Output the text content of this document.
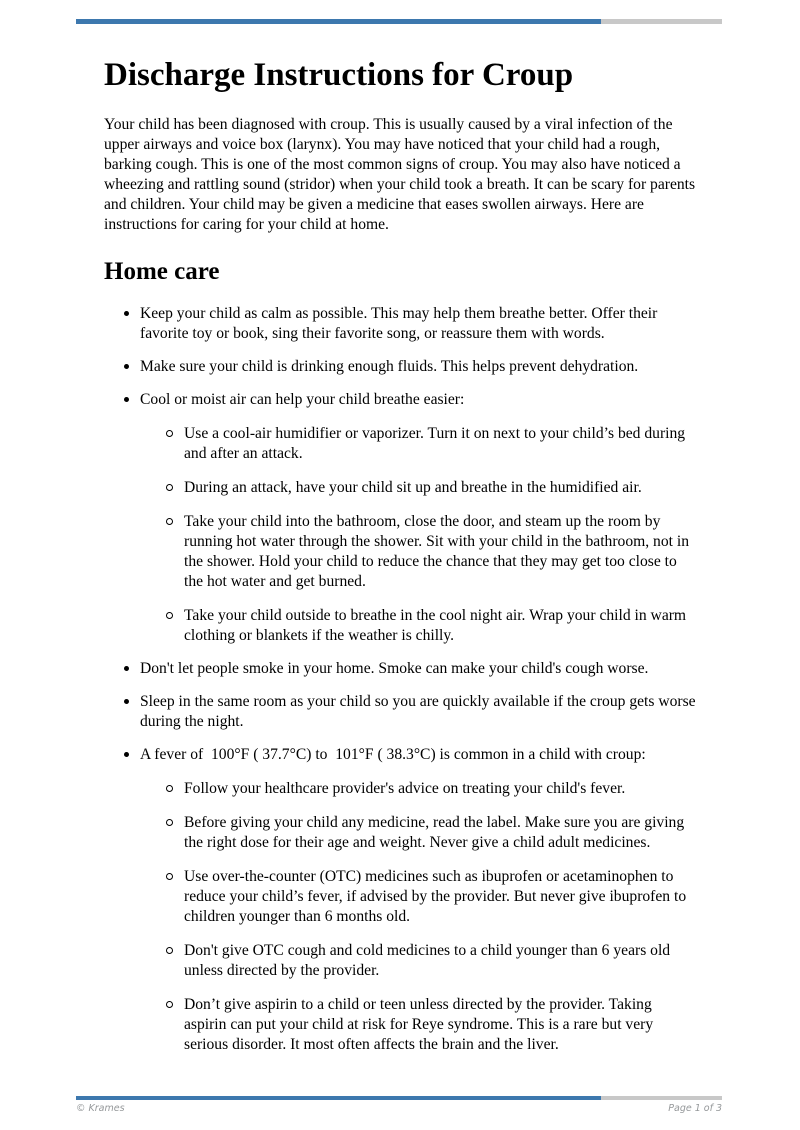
Discharge Instructions for Croup

Your child has been diagnosed with croup. This is usually caused by a viral infection of the upper airways and voice box (larynx). You may have noticed that your child had a rough, barking cough. This is one of the most common signs of croup. You may also have noticed a wheezing and rattling sound (stridor) when your child took a breath. It can be scary for parents and children. Your child may be given a medicine that eases swollen airways. Here are instructions for caring for your child at home.

Home care
Keep your child as calm as possible. This may help them breathe better. Offer their favorite toy or book, sing their favorite song, or reassure them with words.
Make sure your child is drinking enough fluids. This helps prevent dehydration.
Cool or moist air can help your child breathe easier:
Use a cool-air humidifier or vaporizer. Turn it on next to your child’s bed during and after an attack.
During an attack, have your child sit up and breathe in the humidified air.
Take your child into the bathroom, close the door, and steam up the room by running hot water through the shower. Sit with your child in the bathroom, not in the shower. Hold your child to reduce the chance that they may get too close to the hot water and get burned.
Take your child outside to breathe in the cool night air. Wrap your child in warm clothing or blankets if the weather is chilly.
Don't let people smoke in your home. Smoke can make your child's cough worse.
Sleep in the same room as your child so you are quickly available if the croup gets worse during the night.
A fever of  100°F ( 37.7°C) to  101°F ( 38.3°C) is common in a child with croup:
Follow your healthcare provider's advice on treating your child's fever.
Before giving your child any medicine, read the label. Make sure you are giving the right dose for their age and weight. Never give a child adult medicines.
Use over-the-counter (OTC) medicines such as ibuprofen or acetaminophen to reduce your child’s fever, if advised by the provider. But never give ibuprofen to children younger than 6 months old.
Don't give OTC cough and cold medicines to a child younger than 6 years old unless directed by the provider.
Don’t give aspirin to a child or teen unless directed by the provider. Taking aspirin can put your child at risk for Reye syndrome. This is a rare but very serious disorder. It most often affects the brain and the liver.
© Krames	Page 1 of 3
